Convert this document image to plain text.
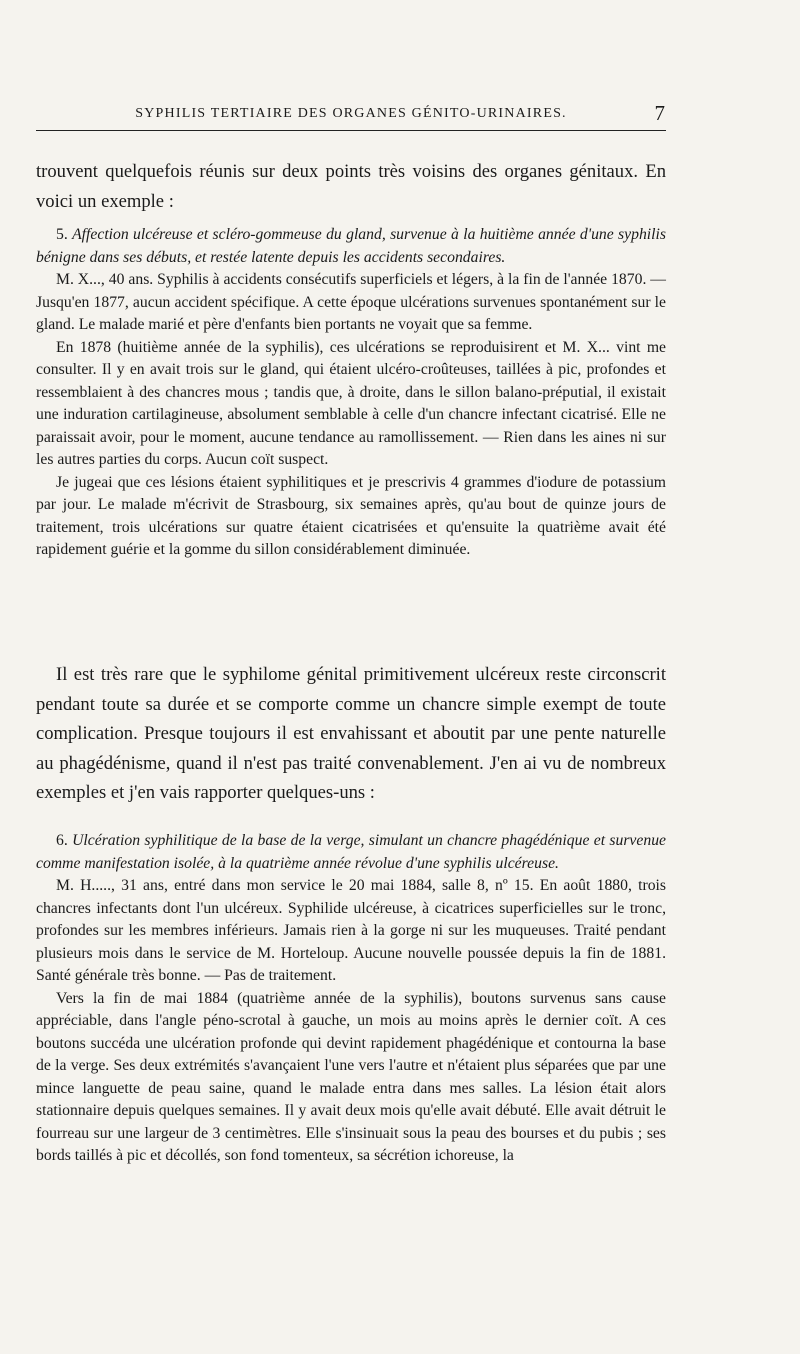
SYPHILIS TERTIAIRE DES ORGANES GÉNITO-URINAIRES.	7

trouvent quelquefois réunis sur deux points très voisins des organes génitaux. En voici un exemple :

5. Affection ulcéreuse et scléro-gommeuse du gland, survenue à la huitième année d'une syphilis bénigne dans ses débuts, et restée latente depuis les accidents secondaires.

M. X..., 40 ans. Syphilis à accidents consécutifs superficiels et légers, à la fin de l'année 1870. — Jusqu'en 1877, aucun accident spécifique. A cette époque ulcérations survenues spontanément sur le gland. Le malade marié et père d'enfants bien portants ne voyait que sa femme.

En 1878 (huitième année de la syphilis), ces ulcérations se reproduisirent et M. X... vint me consulter. Il y en avait trois sur le gland, qui étaient ulcéro-croûteuses, taillées à pic, profondes et ressemblaient à des chancres mous ; tandis que, à droite, dans le sillon balano-préputial, il existait une induration cartilagineuse, absolument semblable à celle d'un chancre infectant cicatrisé. Elle ne paraissait avoir, pour le moment, aucune tendance au ramollissement. — Rien dans les aines ni sur les autres parties du corps. Aucun coït suspect.

Je jugeai que ces lésions étaient syphilitiques et je prescrivis 4 grammes d'iodure de potassium par jour. Le malade m'écrivit de Strasbourg, six semaines après, qu'au bout de quinze jours de traitement, trois ulcérations sur quatre étaient cicatrisées et qu'ensuite la quatrième avait été rapidement guérie et la gomme du sillon considérablement diminuée.

Il est très rare que le syphilome génital primitivement ulcéreux reste circonscrit pendant toute sa durée et se comporte comme un chancre simple exempt de toute complication. Presque toujours il est envahissant et aboutit par une pente naturelle au phagédénisme, quand il n'est pas traité convenablement. J'en ai vu de nombreux exemples et j'en vais rapporter quelques-uns :

6. Ulcération syphilitique de la base de la verge, simulant un chancre phagédénique et survenue comme manifestation isolée, à la quatrième année révolue d'une syphilis ulcéreuse.

M. H....., 31 ans, entré dans mon service le 20 mai 1884, salle 8, nº 15. En août 1880, trois chancres infectants dont l'un ulcéreux. Syphilide ulcéreuse, à cicatrices superficielles sur le tronc, profondes sur les membres inférieurs. Jamais rien à la gorge ni sur les muqueuses. Traité pendant plusieurs mois dans le service de M. Horteloup. Aucune nouvelle poussée depuis la fin de 1881. Santé générale très bonne. — Pas de traitement.

Vers la fin de mai 1884 (quatrième année de la syphilis), boutons survenus sans cause appréciable, dans l'angle péno-scrotal à gauche, un mois au moins après le dernier coït. A ces boutons succéda une ulcération profonde qui devint rapidement phagédénique et contourna la base de la verge. Ses deux extrémités s'avançaient l'une vers l'autre et n'étaient plus séparées que par une mince languette de peau saine, quand le malade entra dans mes salles. La lésion était alors stationnaire depuis quelques semaines. Il y avait deux mois qu'elle avait débuté. Elle avait détruit le fourreau sur une largeur de 3 centimètres. Elle s'insinuait sous la peau des bourses et du pubis ; ses bords taillés à pic et décollés, son fond tomenteux, sa sécrétion ichoreuse, la
